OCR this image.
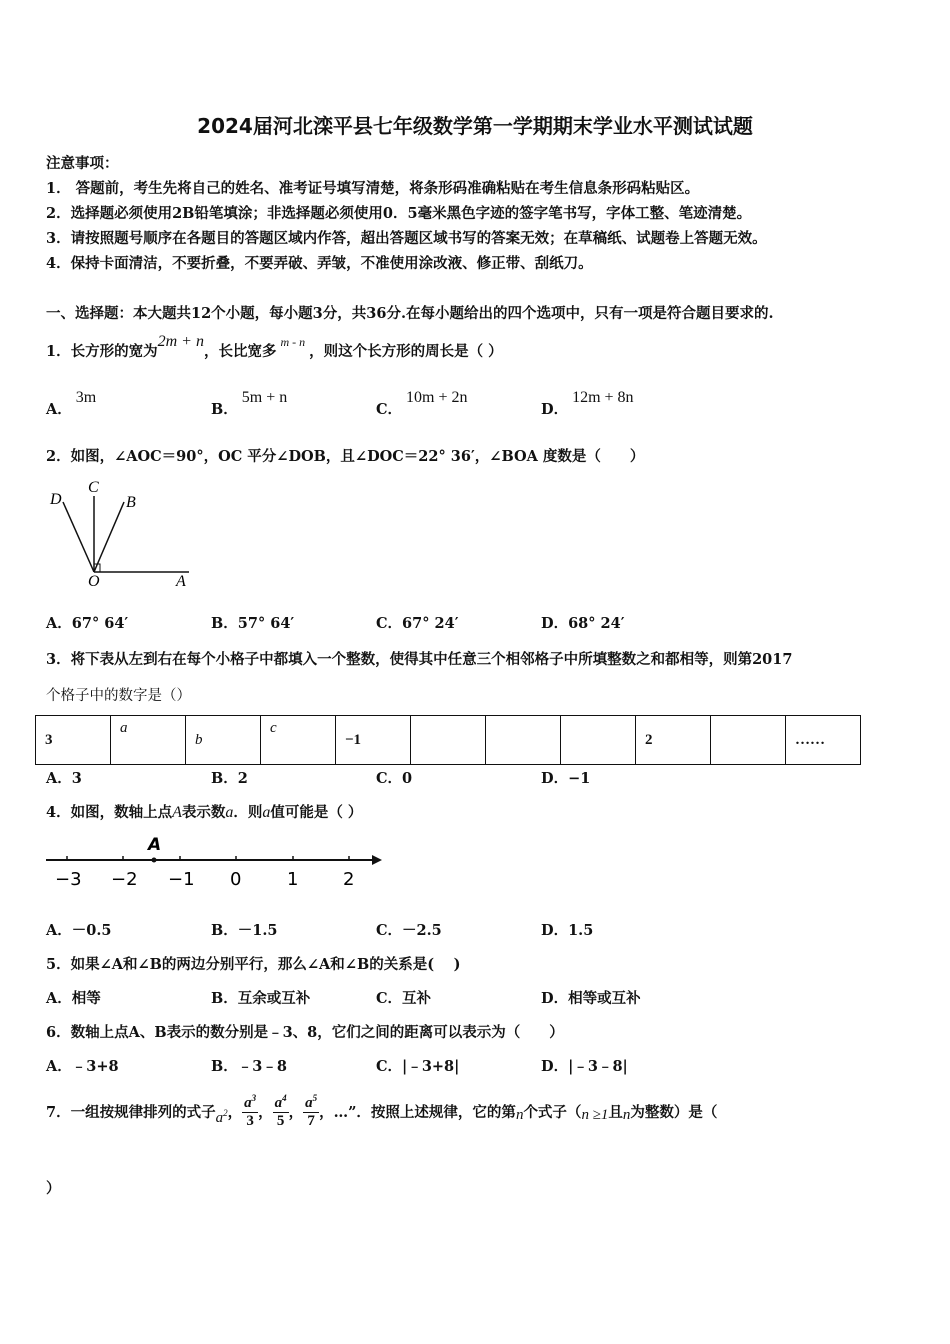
2024届河北滦平县七年级数学第一学期期末学业水平测试试题
注意事项：
1． 答题前，考生先将自己的姓名、准考证号填写清楚，将条形码准确粘贴在考生信息条形码粘贴区。
2．选择题必须使用2B铅笔填涂；非选择题必须使用0．5毫米黑色字迹的签字笔书写，字体工整、笔迹清楚。
3．请按照题号顺序在各题目的答题区域内作答，超出答题区域书写的答案无效；在草稿纸、试题卷上答题无效。
4．保持卡面清洁，不要折叠，不要弄破、弄皱，不准使用涂改液、修正带、刮纸刀。
一、选择题：本大题共12个小题，每小题3分，共36分.在每小题给出的四个选项中，只有一项是符合题目要求的.
1．长方形的宽为2m + n，长比宽多$^{m - n}$，则这个长方形的周长是（ ）
A．3m
B．5m + n
C．10m + 2n
D．12m + 8n
2．如图，∠AOC＝90°，OC 平分∠DOB，且∠DOC＝22° 36′，∠BOA 度数是（　　）
D
C
B
O	A
A．67° 64′	B．57° 64′	C．67° 24′	D．68° 24′
3．将下表从左到右在每个小格子中都填入一个整数，使得其中任意三个相邻格子中所填整数之和都相等，则第2017
个格子中的数字是（）
3	a	b	c	−1				2		……
A．3	B．2	C．0	D．−1
4．如图，数轴上点A表示数a．则a值可能是（ ）
A
−3 −2 −1 0	1 2
A．－0.5	B．－1.5	C．－2.5	D．1.5
5．如果∠A和∠B的两边分别平行，那么∠A和∠B的关系是(　 )
A．相等	B．互余或互补	C．互补	D．相等或互补
6．数轴上点A、B表示的数分别是﹣3、8，它们之间的距离可以表示为（　　）
A．﹣3+8	B．﹣3﹣8	C．|﹣3+8|	D．|﹣3﹣8|
7．一组按规律排列的式子 $a^2$ ， $\frac{a^3}{3}$ ， $\frac{a^4}{5}$ ， $\frac{a^5}{7}$ ，…”．按照上述规律，它的第 n 个式子（ n ≥1 且 n 为整数）是（
）
